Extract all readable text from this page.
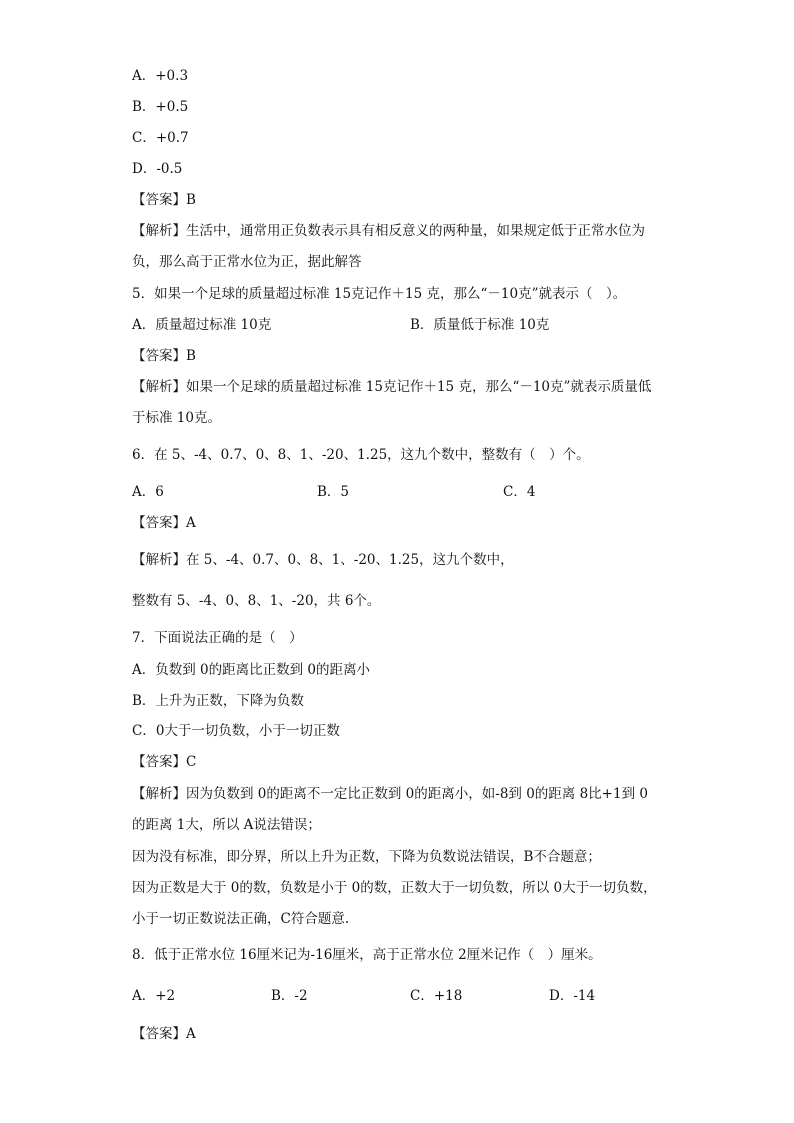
A．+0.3
B．+0.5
C．+0.7
D．-0.5
【答案】B
【解析】生活中，通常用正负数表示具有相反意义的两种量，如果规定低于正常水位为
负，那么高于正常水位为正，据此解答
5．如果一个足球的质量超过标准 15克记作＋15 克，那么“－10克”就表示（　）。
A．质量超过标准 10克	B．质量低于标准 10克
【答案】B
【解析】如果一个足球的质量超过标准 15克记作＋15 克，那么“－10克”就表示质量低
于标准 10克。
6．在 5、-4、0.7、0、8、1、-20、1.25，这九个数中，整数有（　）个。
A．6	B．5	C．4
【答案】A
【解析】在 5、-4、0.7、0、8、1、-20、1.25，这九个数中，
整数有 5、-4、0、8、1、-20，共 6个。
7．下面说法正确的是（　）
A．负数到 0的距离比正数到 0的距离小
B．上升为正数，下降为负数
C．0大于一切负数，小于一切正数
【答案】C
【解析】因为负数到 0的距离不一定比正数到 0的距离小，如-8到 0的距离 8比+1到 0
的距离 1大，所以 A说法错误；
因为没有标准，即分界，所以上升为正数，下降为负数说法错误，B不合题意；
因为正数是大于 0的数，负数是小于 0的数，正数大于一切负数，所以 0大于一切负数，
小于一切正数说法正确，C符合题意.
8．低于正常水位 16厘米记为-16厘米，高于正常水位 2厘米记作（　）厘米。
A．+2	B．-2	C．+18	D．-14
【答案】A
